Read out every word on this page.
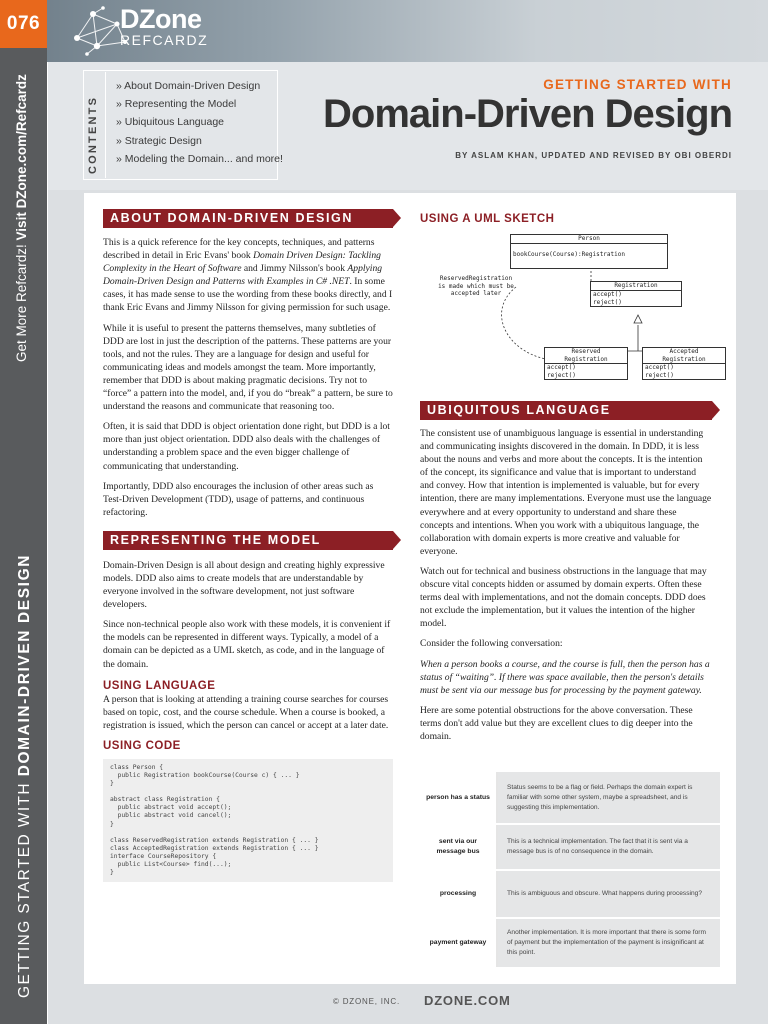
076	DZone
REFCARDZ
Get More Refcardz! Visit DZone.com/Refcardz
GETTING STARTED WITH DOMAIN-DRIVEN DESIGN
CONTENTS
» About Domain-Driven Design
» Representing the Model
» Ubiquitous Language
» Strategic Design
» Modeling the Domain... and more!
GETTING STARTED WITH
Domain-Driven Design
BY ASLAM KHAN, UPDATED AND REVISED BY OBI OBERDI
ABOUT DOMAIN-DRIVEN DESIGN

This is a quick reference for the key concepts, techniques, and patterns described in detail in Eric Evans' book Domain Driven Design: Tackling Complexity in the Heart of Software and Jimmy Nilsson's book Applying Domain-Driven Design and Patterns with Examples in C# .NET. In some cases, it has made sense to use the wording from these books directly, and I thank Eric Evans and Jimmy Nilsson for giving permission for such usage.

While it is useful to present the patterns themselves, many subtleties of DDD are lost in just the description of the patterns. These patterns are your tools, and not the rules. They are a language for design and useful for communicating ideas and models amongst the team. More importantly, remember that DDD is about making pragmatic decisions. Try not to “force” a pattern into the model, and, if you do “break” a pattern, be sure to understand the reasons and communicate that reasoning too.

Often, it is said that DDD is object orientation done right, but DDD is a lot more than just object orientation. DDD also deals with the challenges of understanding a problem space and the even bigger challenge of communicating that understanding.

Importantly, DDD also encourages the inclusion of other areas such as Test-Driven Development (TDD), usage of patterns, and continuous refactoring.

REPRESENTING THE MODEL

Domain-Driven Design is all about design and creating highly expressive models. DDD also aims to create models that are understandable by everyone involved in the software development, not just software developers.

Since non-technical people also work with these models, it is convenient if the models can be represented in different ways. Typically, a model of a domain can be depicted as a UML sketch, as code, and in the language of the domain.

USING LANGUAGE

A person that is looking at attending a training course searches for courses based on topic, cost, and the course schedule. When a course is booked, a registration is issued, which the person can cancel or accept at a later date.

USING CODE
class Person {
public Registration bookCourse(Course c) { ... }
}

abstract class Registration {
public abstract void accept();
public abstract void cancel();
}

class ReservedRegistration extends Registration { ... }
class AcceptedRegistration extends Registration { ... }
interface CourseRepository {
public List<Course> find(...);
}
USING A UML SKETCH
Person
bookCourse(Course):Registration
ReservedRegistration
is made which must be
accepted later
Registration
accept()
reject()
Reserved
Registration
accept()
reject()
Accepted
Registration
accept()
reject()
UBIQUITOUS LANGUAGE

The consistent use of unambiguous language is essential in understanding and communicating insights discovered in the domain. In DDD, it is less about the nouns and verbs and more about the concepts. It is the intention of the concept, its significance and value that is important to understand and convey. How that intention is implemented is valuable, but for every intention, there are many implementations. Everyone must use the language everywhere and at every opportunity to understand and share these concepts and intentions. When you work with a ubiquitous language, the collaboration with domain experts is more creative and valuable for everyone.

Watch out for technical and business obstructions in the language that may obscure vital concepts hidden or assumed by domain experts. Often these terms deal with implementations, and not the domain concepts. DDD does not exclude the implementation, but it values the intention of the higher model.

Consider the following conversation:

When a person books a course, and the course is full, then the person has a status of “waiting”. If there was space available, then the person's details must be sent via our message bus for processing by the payment gateway.

Here are some potential obstructions for the above conversation. These terms don't add value but they are excellent clues to dig deeper into the domain.

person has a status	Status seems to be a flag or field. Perhaps the domain expert is familiar with some other system, maybe a spreadsheet, and is suggesting this implementation.
sent via our message bus	This is a technical implementation. The fact that it is sent via a message bus is of no consequence in the domain.
processing	This is ambiguous and obscure. What happens during processing?
payment gateway	Another implementation. It is more important that there is some form of payment but the implementation of the payment is insignificant at this point.
© DZONE, INC. DZONE.COM
